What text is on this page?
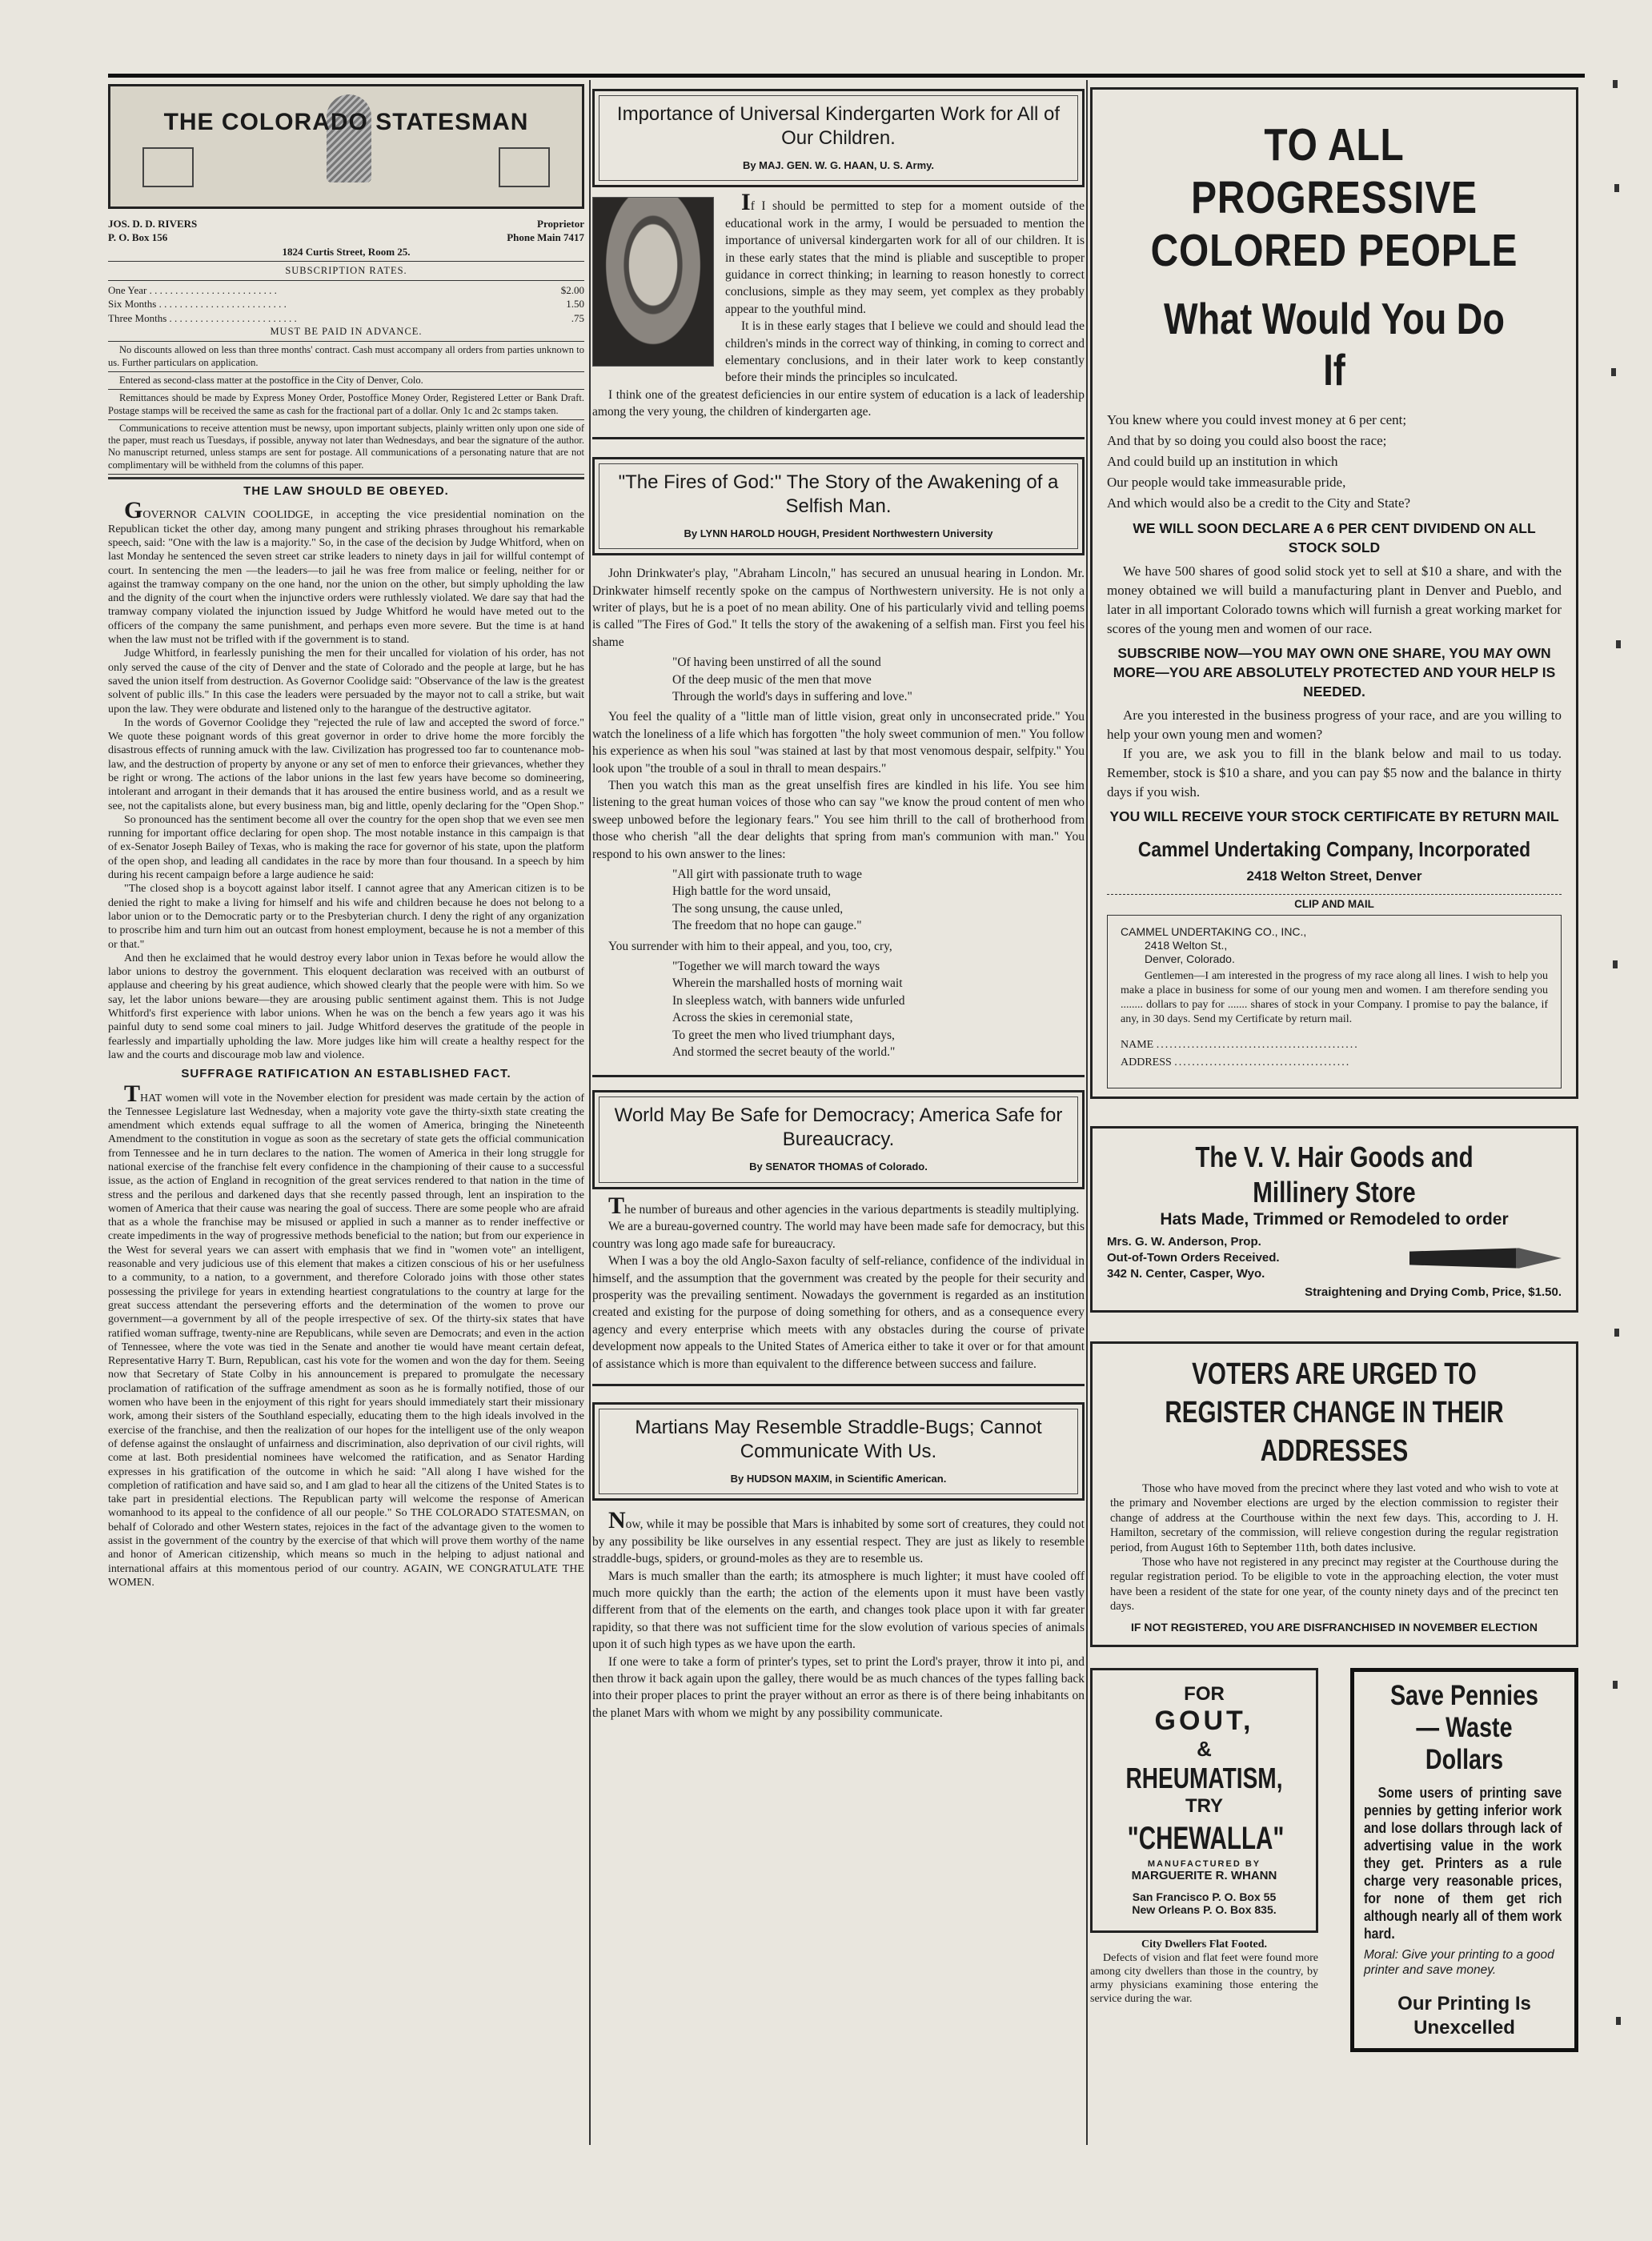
THE COLORADO STATESMAN
JOS. D. D. RIVERS	Proprietor
P. O. Box 156	Phone Main 7417
1824 Curtis Street, Room 25.
SUBSCRIPTION RATES.
One Year . . . . . . . . . . . . . . . . . . . . . . . . .	$2.00
Six Months . . . . . . . . . . . . . . . . . . . . . . . . .	1.50
Three Months . . . . . . . . . . . . . . . . . . . . . . . . .	.75
MUST BE PAID IN ADVANCE.
No discounts allowed on less than three months' contract. Cash must accompany all orders from parties unknown to us. Further particulars on application.
Entered as second-class matter at the postoffice in the City of Denver, Colo.
Remittances should be made by Express Money Order, Postoffice Money Order, Registered Letter or Bank Draft. Postage stamps will be received the same as cash for the fractional part of a dollar. Only 1c and 2c stamps taken.
Communications to receive attention must be newsy, upon important subjects, plainly written only upon one side of the paper, must reach us Tuesdays, if possible, anyway not later than Wednesdays, and bear the signature of the author. No manuscript returned, unless stamps are sent for postage. All communications of a personating nature that are not complimentary will be withheld from the columns of this paper.
THE LAW SHOULD BE OBEYED.

GOVERNOR CALVIN COOLIDGE, in accepting the vice presidential nomination on the Republican ticket the other day, among many pungent and striking phrases throughout his remarkable speech, said: "One with the law is a majority." So, in the case of the decision by Judge Whitford, when on last Monday he sentenced the seven street car strike leaders to ninety days in jail for willful contempt of court. In sentencing the men —the leaders—to jail he was free from malice or feeling, neither for or against the tramway company on the one hand, nor the union on the other, but simply upholding the law and the dignity of the court when the injunctive orders were ruthlessly violated. We dare say that had the tramway company violated the injunction issued by Judge Whitford he would have meted out to the officers of the company the same punishment, and perhaps even more severe. But the time is at hand when the law must not be trifled with if the government is to stand.

Judge Whitford, in fearlessly punishing the men for their uncalled for violation of his order, has not only served the cause of the city of Denver and the state of Colorado and the people at large, but he has saved the union itself from destruction. As Governor Coolidge said: "Observance of the law is the greatest solvent of public ills." In this case the leaders were persuaded by the mayor not to call a strike, but wait upon the law. They were obdurate and listened only to the harangue of the destructive agitator.

In the words of Governor Coolidge they "rejected the rule of law and accepted the sword of force." We quote these poignant words of this great governor in order to drive home the more forcibly the disastrous effects of running amuck with the law. Civilization has progressed too far to countenance mob-law, and the destruction of property by anyone or any set of men to enforce their grievances, whether they be right or wrong. The actions of the labor unions in the last few years have become so domineering, intolerant and arrogant in their demands that it has aroused the entire business world, and as a result we see, not the capitalists alone, but every business man, big and little, openly declaring for the "Open Shop."

So pronounced has the sentiment become all over the country for the open shop that we even see men running for important office declaring for open shop. The most notable instance in this campaign is that of ex-Senator Joseph Bailey of Texas, who is making the race for governor of his state, upon the platform of the open shop, and leading all candidates in the race by more than four thousand. In a speech by him during his recent campaign before a large audience he said:

"The closed shop is a boycott against labor itself. I cannot agree that any American citizen is to be denied the right to make a living for himself and his wife and children because he does not belong to a labor union or to the Democratic party or to the Presbyterian church. I deny the right of any organization to proscribe him and turn him out an outcast from honest employment, because he is not a member of this or that."

And then he exclaimed that he would destroy every labor union in Texas before he would allow the labor unions to destroy the government. This eloquent declaration was received with an outburst of applause and cheering by his great audience, which showed clearly that the people were with him. So we say, let the labor unions beware—they are arousing public sentiment against them. This is not Judge Whitford's first experience with labor unions. When he was on the bench a few years ago it was his painful duty to send some coal miners to jail. Judge Whitford deserves the gratitude of the people in fearlessly and impartially upholding the law. More judges like him will create a healthy respect for the law and the courts and discourage mob law and violence.

SUFFRAGE RATIFICATION AN ESTABLISHED FACT.

THAT women will vote in the November election for president was made certain by the action of the Tennessee Legislature last Wednesday, when a majority vote gave the thirty-sixth state creating the amendment which extends equal suffrage to all the women of America, bringing the Nineteenth Amendment to the constitution in vogue as soon as the secretary of state gets the official communication from Tennessee and he in turn declares to the nation. The women of America in their long struggle for national exercise of the franchise felt every confidence in the championing of their cause to a successful issue, as the action of England in recognition of the great services rendered to that nation in the time of stress and the perilous and darkened days that she recently passed through, lent an inspiration to the women of America that their cause was nearing the goal of success. There are some people who are afraid that as a whole the franchise may be misused or applied in such a manner as to render ineffective or create impediments in the way of progressive methods beneficial to the nation; but from our experience in the West for several years we can assert with emphasis that we find in "women vote" an intelligent, reasonable and very judicious use of this element that makes a citizen conscious of his or her usefulness to a community, to a nation, to a government, and therefore Colorado joins with those other states possessing the privilege for years in extending heartiest congratulations to the country at large for the great success attendant the persevering efforts and the determination of the women to prove our government—a government by all of the people irrespective of sex. Of the thirty-six states that have ratified woman suffrage, twenty-nine are Republicans, while seven are Democrats; and even in the action of Tennessee, where the vote was tied in the Senate and another tie would have meant certain defeat, Representative Harry T. Burn, Republican, cast his vote for the women and won the day for them. Seeing now that Secretary of State Colby in his announcement is prepared to promulgate the necessary proclamation of ratification of the suffrage amendment as soon as he is formally notified, those of our women who have been in the enjoyment of this right for years should immediately start their missionary work, among their sisters of the Southland especially, educating them to the high ideals involved in the exercise of the franchise, and then the realization of our hopes for the intelligent use of the only weapon of defense against the onslaught of unfairness and discrimination, also deprivation of our civil rights, will come at last. Both presidential nominees have welcomed the ratification, and as Senator Harding expresses in his gratification of the outcome in which he said: "All along I have wished for the completion of ratification and have said so, and I am glad to hear all the citizens of the United States is to take part in presidential elections. The Republican party will welcome the response of American womanhood to its appeal to the confidence of all our people." So THE COLORADO STATESMAN, on behalf of Colorado and other Western states, rejoices in the fact of the advantage given to the women to assist in the government of the country by the exercise of that which will prove them worthy of the name and honor of American citizenship, which means so much in the helping to adjust national and international affairs at this momentous period of our country. AGAIN, WE CONGRATULATE THE WOMEN.

Importance of Universal Kindergarten Work for All of Our Children.
By MAJ. GEN. W. G. HAAN, U. S. Army.

If I should be permitted to step for a moment outside of the educational work in the army, I would be persuaded to mention the importance of universal kindergarten work for all of our children. It is in these early states that the mind is pliable and susceptible to proper guidance in correct thinking; in learning to reason honestly to correct conclusions, simple as they may seem, yet complex as they probably appear to the youthful mind.

It is in these early stages that I believe we could and should lead the children's minds in the correct way of thinking, in coming to correct and elementary conclusions, and in their later work to keep constantly before their minds the principles so inculcated.

I think one of the greatest deficiencies in our entire system of education is a lack of leadership among the very young, the children of kindergarten age.

"The Fires of God:" The Story of the Awakening of a Selfish Man.
By LYNN HAROLD HOUGH, President Northwestern University

John Drinkwater's play, "Abraham Lincoln," has secured an unusual hearing in London. Mr. Drinkwater himself recently spoke on the campus of Northwestern university. He is not only a writer of plays, but he is a poet of no mean ability. One of his particularly vivid and telling poems is called "The Fires of God." It tells the story of the awakening of a selfish man. First you feel his shame

"Of having been unstirred of all the sound
Of the deep music of the men that move
Through the world's days in suffering and love."

You feel the quality of a "little man of little vision, great only in unconsecrated pride." You watch the loneliness of a life which has forgotten "the holy sweet communion of men." You follow his experience as when his soul "was stained at last by that most venomous despair, selfpity." You look upon "the trouble of a soul in thrall to mean despairs."

Then you watch this man as the great unselfish fires are kindled in his life. You see him listening to the great human voices of those who can say "we know the proud content of men who sweep unbowed before the legionary fears." You see him thrill to the call of brotherhood from those who cherish "all the dear delights that spring from man's communion with man." You respond to his own answer to the lines:

"All girt with passionate truth to wage
High battle for the word unsaid,
The song unsung, the cause unled,
The freedom that no hope can gauge."

You surrender with him to their appeal, and you, too, cry,

"Together we will march toward the ways
Wherein the marshalled hosts of morning wait
In sleepless watch, with banners wide unfurled
Across the skies in ceremonial state,
To greet the men who lived triumphant days,
And stormed the secret beauty of the world."
World May Be Safe for Democracy; America Safe for Bureaucracy.
By SENATOR THOMAS of Colorado.

The number of bureaus and other agencies in the various departments is steadily multiplying.

We are a bureau-governed country. The world may have been made safe for democracy, but this country was long ago made safe for bureaucracy.

When I was a boy the old Anglo-Saxon faculty of self-reliance, confidence of the individual in himself, and the assumption that the government was created by the people for their security and prosperity was the prevailing sentiment. Nowadays the government is regarded as an institution created and existing for the purpose of doing something for others, and as a consequence every agency and every enterprise which meets with any obstacles during the course of private development now appeals to the United States of America either to take it over or for that amount of assistance which is more than equivalent to the difference between success and failure.

Martians May Resemble Straddle-Bugs; Cannot Communicate With Us.
By HUDSON MAXIM, in Scientific American.

Now, while it may be possible that Mars is inhabited by some sort of creatures, they could not by any possibility be like ourselves in any essential respect. They are just as likely to resemble straddle-bugs, spiders, or ground-moles as they are to resemble us.

Mars is much smaller than the earth; its atmosphere is much lighter; it must have cooled off much more quickly than the earth; the action of the elements upon it must have been vastly different from that of the elements on the earth, and changes took place upon it with far greater rapidity, so that there was not sufficient time for the slow evolution of various species of animals upon it of such high types as we have upon the earth.

If one were to take a form of printer's types, set to print the Lord's prayer, throw it into pi, and then throw it back again upon the galley, there would be as much chances of the types falling back into their proper places to print the prayer without an error as there is of there being inhabitants on the planet Mars with whom we might by any possibility communicate.

TO ALL PROGRESSIVE COLORED PEOPLE
What Would You Do If
You knew where you could invest money at 6 per cent;
And that by so doing you could also boost the race;
And could build up an institution in which
Our people would take immeasurable pride,
And which would also be a credit to the City and State?
WE WILL SOON DECLARE A 6 PER CENT DIVIDEND ON ALL STOCK SOLD

We have 500 shares of good solid stock yet to sell at $10 a share, and with the money obtained we will build a manufacturing plant in Denver and Pueblo, and later in all important Colorado towns which will furnish a great working market for scores of the young men and women of our race.

SUBSCRIBE NOW—YOU MAY OWN ONE SHARE, YOU MAY OWN MORE—YOU ARE ABSOLUTELY PROTECTED AND YOUR HELP IS NEEDED.

Are you interested in the business progress of your race, and are you willing to help your own young men and women?

If you are, we ask you to fill in the blank below and mail to us today. Remember, stock is $10 a share, and you can pay $5 now and the balance in thirty days if you wish.

YOU WILL RECEIVE YOUR STOCK CERTIFICATE BY RETURN MAIL
Cammel Undertaking Company, Incorporated
2418 Welton Street, Denver
CLIP AND MAIL
CAMMEL UNDERTAKING CO., INC.,
2418 Welton St.,
Denver, Colorado.
Gentlemen—I am interested in the progress of my race along all lines. I wish to help you make a place in business for some of our young men and women. I am therefore sending you ........ dollars to pay for ....... shares of stock in your Company. I promise to pay the balance, if any, in 30 days. Send my Certificate by return mail.
NAME ..............................................
ADDRESS ........................................
The V. V. Hair Goods and Millinery Store
Hats Made, Trimmed or Remodeled to order
Mrs. G. W. Anderson, Prop.
Out-of-Town Orders Received.
342 N. Center, Casper, Wyo.
Straightening and Drying Comb, Price, $1.50.
VOTERS ARE URGED TO REGISTER CHANGE IN THEIR ADDRESSES

Those who have moved from the precinct where they last voted and who wish to vote at the primary and November elections are urged by the election commission to register their change of address at the Courthouse within the next few days. This, according to J. H. Hamilton, secretary of the commission, will relieve congestion during the regular registration period, from August 16th to September 11th, both dates inclusive.

Those who have not registered in any precinct may register at the Courthouse during the regular registration period. To be eligible to vote in the approaching election, the voter must have been a resident of the state for one year, of the county ninety days and of the precinct ten days.

IF NOT REGISTERED, YOU ARE DISFRANCHISED IN NOVEMBER ELECTION
FOR
GOUT,
&
RHEUMATISM,
TRY
"CHEWALLA"
MANUFACTURED BY
MARGUERITE R. WHANN
San Francisco P. O. Box 55
New Orleans P. O. Box 835.
City Dwellers Flat Footed.
Defects of vision and flat feet were found more among city dwellers than those in the country, by army physicians examining those entering the service during the war.
Save Pennies— Waste Dollars

Some users of printing save pennies by getting inferior work and lose dollars through lack of advertising value in the work they get. Printers as a rule charge very reasonable prices, for none of them get rich although nearly all of them work hard.

Moral: Give your printing to a good printer and save money.
Our Printing Is Unexcelled
